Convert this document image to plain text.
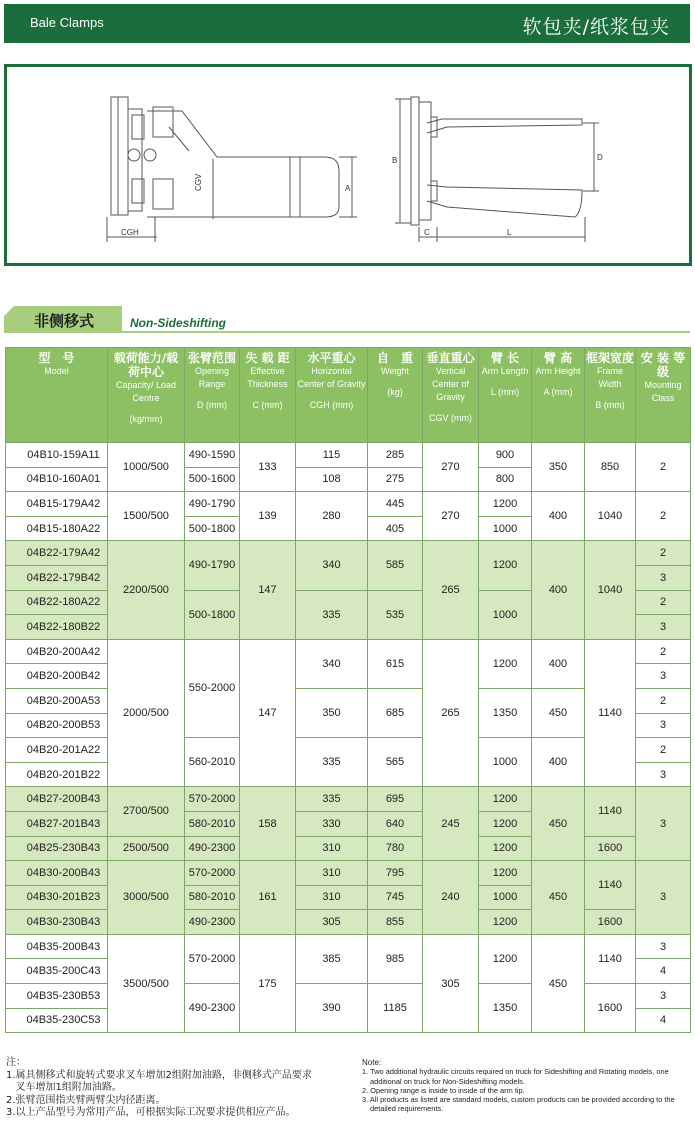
Bale Clamps	软包夹/纸浆包夹
CGV	A
CGH
B	D
C	L
非侧移式	Non-Sideshifting
型　号
Model	载荷能力/载荷中心
Capacity/ Load Centre
(kg/mm)	张臂范围
Opening Range
D (mm)	失 载 距
Effective Thickness
C (mm)	水平重心
Horizontal Center of Gravity
CGH (mm)	自　重
Weight
(kg)	垂直重心
Vertical Center of Gravity
CGV (mm)	臂 长
Arm Length
L (mm)	臂 高
Arm Height
A (mm)	框架宽度
Frame Width
B (mm)	安 装 等 级
Mounting Class

04B10-159A11	1000/500	490-1590	133	115	285	270	900	350	850	2
04B10-160A01		500-1600		108	275		800			
04B15-179A42	1500/500	490-1790	139	280	445	270	1200	400	1040	2
04B15-180A22		500-1800			405		1000			
04B22-179A42	2200/500	490-1790	147	340	585	265	1200	400	1040	2
04B22-179B42										3
04B22-180A22		500-1800		335	535		1000			2
04B22-180B22										3
04B20-200A42	2000/500	550-2000	147	340	615	265	1200	400	1140	2
04B20-200B42										3
04B20-200A53				350	685		1350	450		2
04B20-200B53										3
04B20-201A22		560-2010		335	565		1000	400		2
04B20-201B22										3
04B27-200B43	2700/500	570-2000	158	335	695	245	1200	450	1140	3
04B27-201B43		580-2010		330	640		1200			
04B25-230B43	2500/500	490-2300		310	780		1200		1600	
04B30-200B43	3000/500	570-2000	161	310	795	240	1200	450	1140	3
04B30-201B23		580-2010		310	745		1000			
04B30-230B43		490-2300		305	855		1200		1600	
04B35-200B43	3500/500	570-2000	175	385	985	305	1200	450	1140	3
04B35-200C43										4
04B35-230B53		490-2300		390	1185		1350		1600	3
04B35-230C53										4
注：
1.属具侧移式和旋转式要求叉车增加2组附加油路，非侧移式产品要求
叉车增加1组附加油路。
2.张臂范围指夹臂两臂尖内径距离。
3.以上产品型号为常用产品，可根据实际工况要求提供相应产品。
Note:
1. Two additional hydraulic circuits required on truck for Sideshifting and Rotating models, one additional on truck for Non-Sideshifting models.
2. Opening range is inside to inside of the arm tip.
3. All products as listed are standard models, custom products can be provided according to the detailed requirements.
